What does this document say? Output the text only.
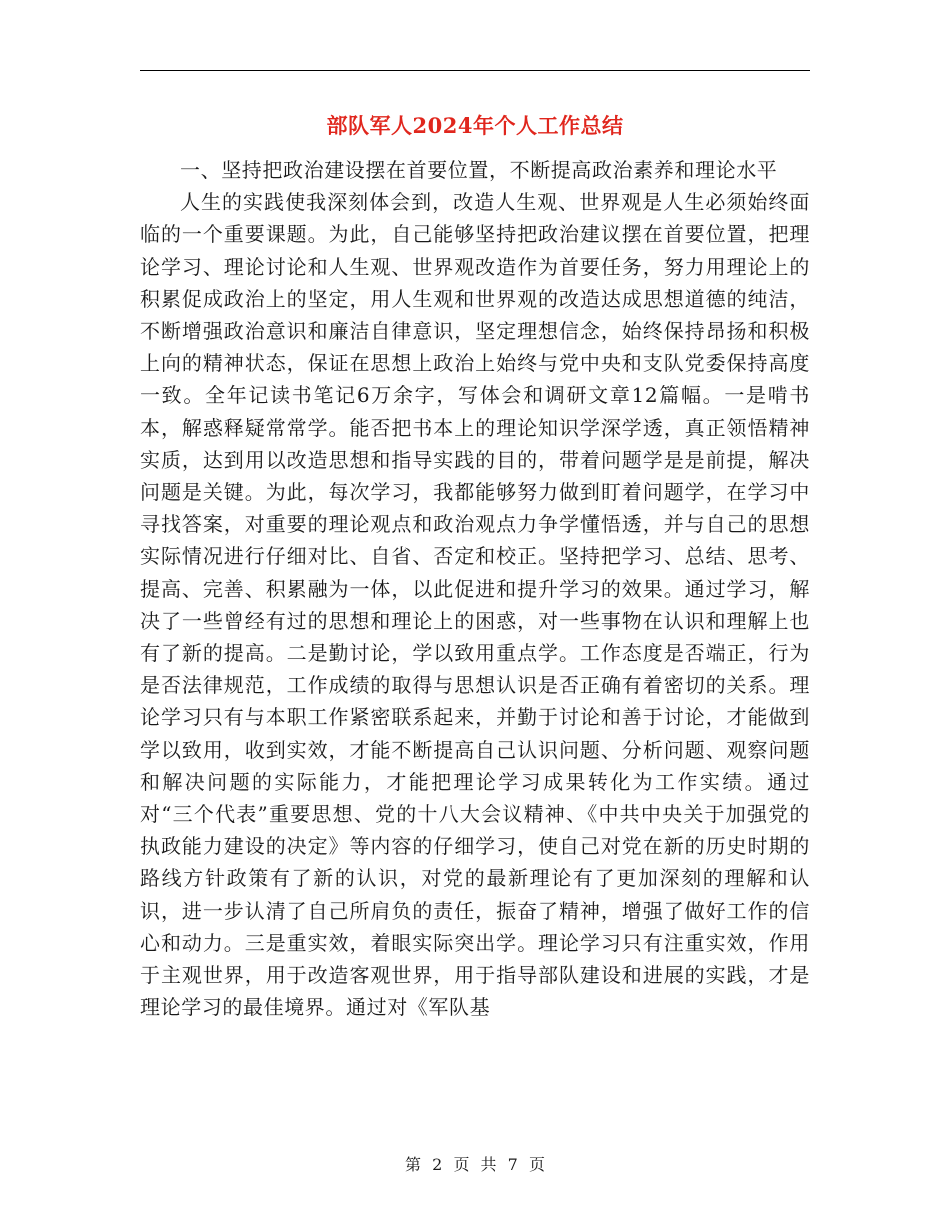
部队军人2024年个人工作总结

一、坚持把政治建设摆在首要位置，不断提高政治素养和理论水平

人生的实践使我深刻体会到，改造人生观、世界观是人生必须始终面临的一个重要课题。为此，自己能够坚持把政治建议摆在首要位置，把理论学习、理论讨论和人生观、世界观改造作为首要任务，努力用理论上的积累促成政治上的坚定，用人生观和世界观的改造达成思想道德的纯洁，不断增强政治意识和廉洁自律意识，坚定理想信念，始终保持昂扬和积极上向的精神状态，保证在思想上政治上始终与党中央和支队党委保持高度一致。全年记读书笔记6万余字，写体会和调研文章12篇幅。一是啃书本，解惑释疑常常学。能否把书本上的理论知识学深学透，真正领悟精神实质，达到用以改造思想和指导实践的目的，带着问题学是是前提，解决问题是关键。为此，每次学习，我都能够努力做到盯着问题学，在学习中寻找答案，对重要的理论观点和政治观点力争学懂悟透，并与自己的思想实际情况进行仔细对比、自省、否定和校正。坚持把学习、总结、思考、提高、完善、积累融为一体，以此促进和提升学习的效果。通过学习，解决了一些曾经有过的思想和理论上的困惑，对一些事物在认识和理解上也有了新的提高。二是勤讨论，学以致用重点学。工作态度是否端正，行为是否法律规范，工作成绩的取得与思想认识是否正确有着密切的关系。理论学习只有与本职工作紧密联系起来，并勤于讨论和善于讨论，才能做到学以致用，收到实效，才能不断提高自己认识问题、分析问题、观察问题和解决问题的实际能力，才能把理论学习成果转化为工作实绩。通过对“三个代表”重要思想、党的十八大会议精神、《中共中央关于加强党的执政能力建设的决定》等内容的仔细学习，使自己对党在新的历史时期的路线方针政策有了新的认识，对党的最新理论有了更加深刻的理解和认识，进一步认清了自己所肩负的责任，振奋了精神，增强了做好工作的信心和动力。三是重实效，着眼实际突出学。理论学习只有注重实效，作用于主观世界，用于改造客观世界，用于指导部队建设和进展的实践，才是理论学习的最佳境界。通过对《军队基

第 2 页 共 7 页
